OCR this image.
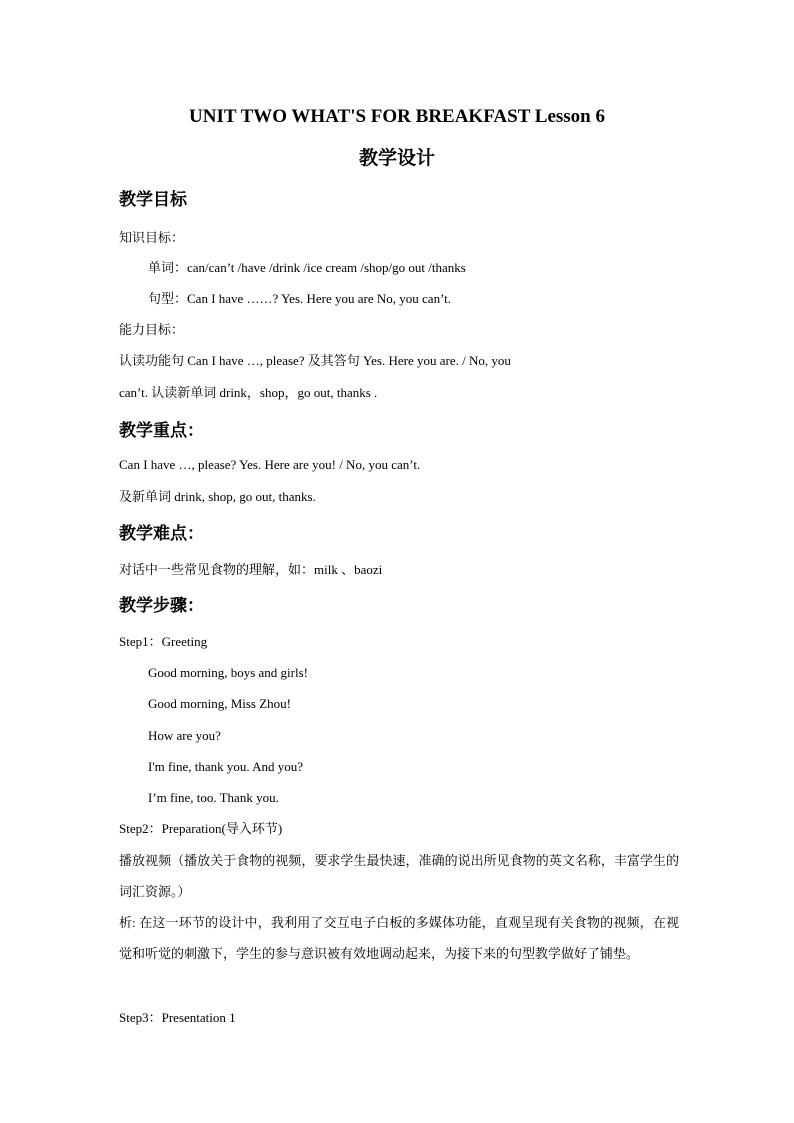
UNIT TWO WHAT'S FOR BREAKFAST Lesson 6
教学设计
教学目标
知识目标：
单词：can/can’t /have /drink /ice cream /shop/go out /thanks
句型：Can I have ……? Yes. Here you are No, you can’t.
能力目标：
认读功能句 Can I have …, please? 及其答句 Yes. Here you are. / No, you
can’t. 认读新单词 drink，shop，go out, thanks .
教学重点：
Can I have …, please? Yes. Here are you! / No, you can’t.
及新单词 drink, shop, go out, thanks.
教学难点：
对话中一些常见食物的理解，如：milk 、baozi
教学步骤：
Step1：Greeting
Good morning, boys and girls!
Good morning, Miss Zhou!
How are you?
I'm fine, thank you. And you?
I’m fine, too. Thank you.
Step2：Preparation(导入环节)
播放视频（播放关于食物的视频，要求学生最快速，准确的说出所见食物的英文名称，丰富学生的词汇资源。）
析: 在这一环节的设计中，我利用了交互电子白板的多媒体功能，直观呈现有关食物的视频，在视觉和听觉的刺激下，学生的参与意识被有效地调动起来，为接下来的句型教学做好了铺垫。
Step3：Presentation 1
